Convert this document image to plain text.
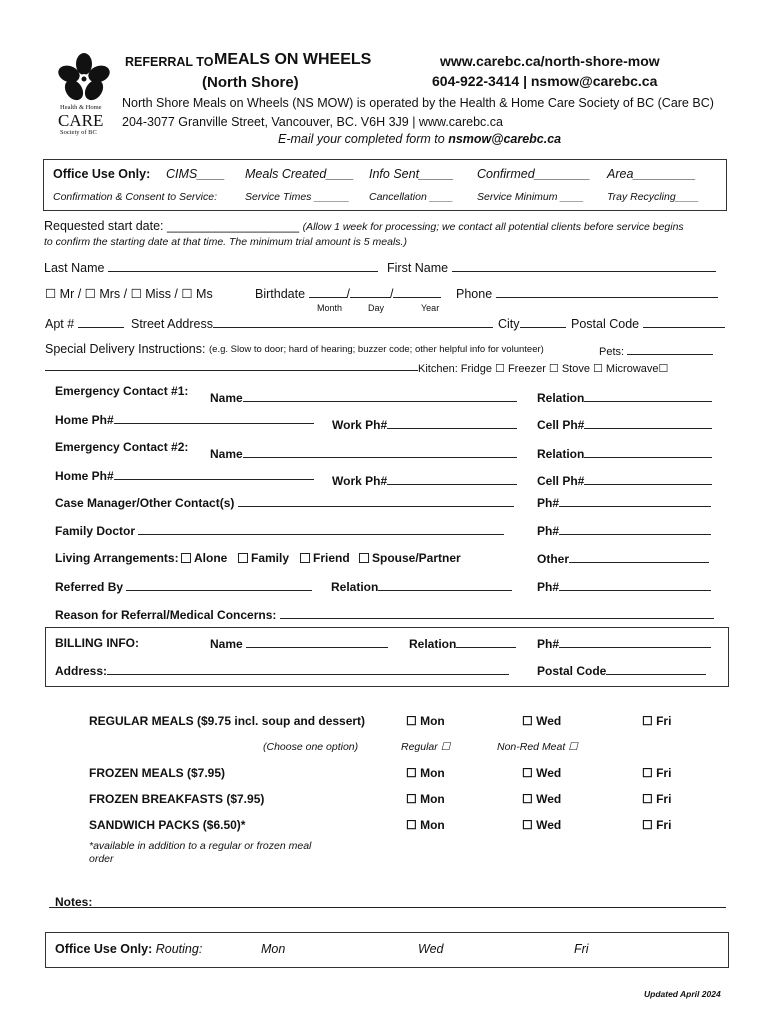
Health & Home
CARE
Society of BC
REFERRAL TO MEALS ON WHEELS
(North Shore)
www.carebc.ca/north-shore-mow
604-922-3414 | nsmow@carebc.ca
North Shore Meals on Wheels (NS MOW) is operated by the Health & Home Care Society of BC (Care BC)
204-3077 Granville Street, Vancouver, BC. V6H 3J9 | www.carebc.ca
E-mail your completed form to nsmow@carebc.ca
Office Use Only: CIMS____ Meals Created____ Info Sent_____ Confirmed________ Area_________
Confirmation & Consent to Service:	Service Times ______ Cancellation ____ Service Minimum ____ Tray Recycling____
Requested start date: ___________________ (Allow 1 week for processing; we contact all potential clients before service begins
to confirm the starting date at that time. The minimum trial amount is 5 meals.)
Last Name	First Name
☐ Mr / ☐ Mrs / ☐ Miss / ☐ Ms	Birthdate	/	/
Month	Day	Year
Phone
Apt #	Street Address	City	Postal Code
Special Delivery Instructions: (e.g. Slow to door; hard of hearing; buzzer code; other helpful info for volunteer)	Pets:
Kitchen: Fridge ☐ Freezer ☐ Stove ☐ Microwave☐
Emergency Contact #1: Name	Relation
Home Ph#	Work Ph#	Cell Ph#
Emergency Contact #2: Name	Relation
Home Ph#	Work Ph#	Cell Ph#
Case Manager/Other Contact(s)	Ph#
Family Doctor	Ph#
Living Arrangements:	Alone	Family	Friend	Spouse/Partner	Other
Referred By	Relation	Ph#
Reason for Referral/Medical Concerns:
BILLING INFO:	Name	Relation	Ph#
Address:	Postal Code
REGULAR MEALS ($9.75 incl. soup and dessert)	☐ Mon	☐ Wed	☐ Fri
(Choose one option)	Regular ☐	Non-Red Meat ☐
FROZEN MEALS ($7.95)	☐ Mon	☐ Wed	☐ Fri
FROZEN BREAKFASTS ($7.95)	☐ Mon	☐ Wed	☐ Fri
SANDWICH PACKS ($6.50)*	☐ Mon	☐ Wed	☐ Fri
*available in addition to a regular or frozen meal
order
Notes:
Office Use Only: Routing:	Mon	Wed	Fri
Updated April 2024
